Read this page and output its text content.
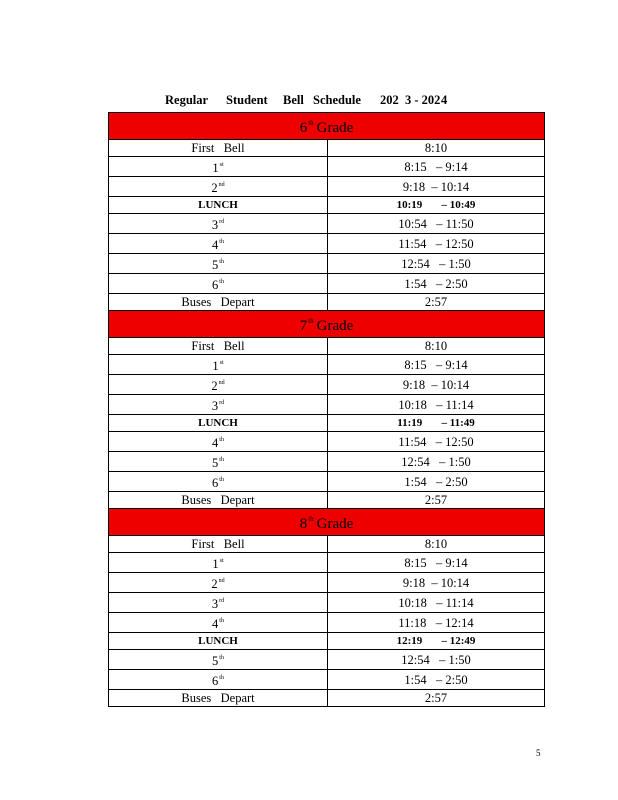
Regular

Student

Bell

Schedule

202

3 - 202

4

6th Grade	
First   Bell	8:10
1st	8:15   – 9:14
2nd	9:18  – 10:14
LUNCH	10:19       – 10:49
3rd	10:54   – 11:50
4th	11:54   – 12:50
5th	12:54   – 1:50
6th	1:54   – 2:50
Buses   Depart	2:57
7th Grade	
First   Bell	8:10
1st	8:15   – 9:14
2nd	9:18  – 10:14
3rd	10:18   – 11:14
LUNCH	11:19       – 11:49
4th	11:54   – 12:50
5th	12:54   – 1:50
6th	1:54   – 2:50
Buses   Depart	2:57
8th Grade	
First   Bell	8:10
1st	8:15   – 9:14
2nd	9:18  – 10:14
3rd	10:18   – 11:14
4th	11:18   – 12:14
LUNCH	12:19       – 12:49
5th	12:54   – 1:50
6th	1:54   – 2:50
Buses   Depart	2:57
5
